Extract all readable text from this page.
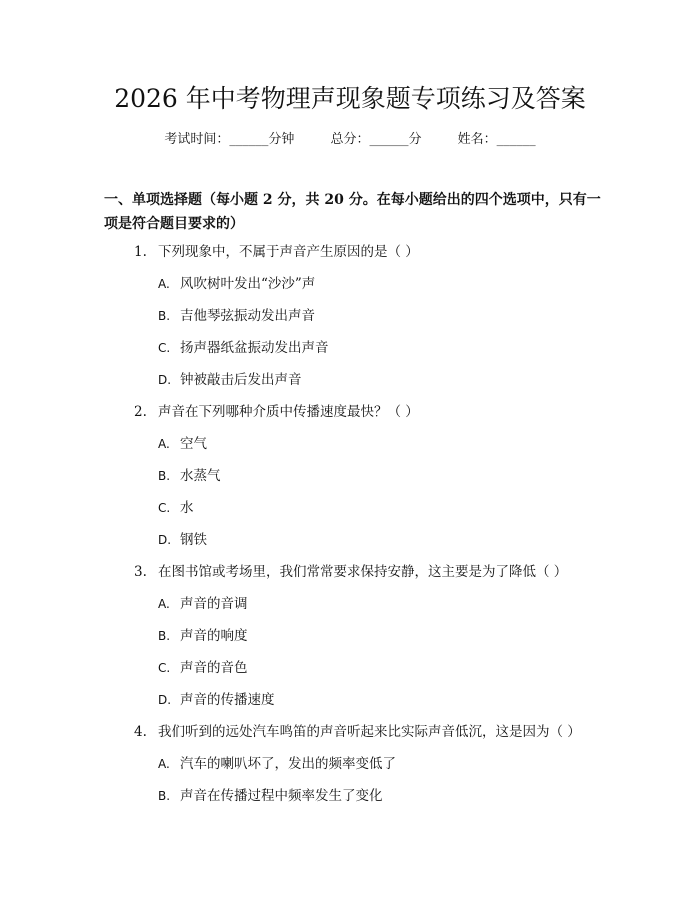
2026 年中考物理声现象题专项练习及答案
考试时间：______分钟	总分：______分	姓名：______
一、单项选择题（每小题 2 分，共 20 分。在每小题给出的四个选项中，只有一项是符合题目要求的）
1. 下列现象中，不属于声音产生原因的是（ ）
A. 风吹树叶发出“沙沙”声
B. 吉他琴弦振动发出声音
C. 扬声器纸盆振动发出声音
D. 钟被敲击后发出声音
2. 声音在下列哪种介质中传播速度最快？（ ）
A. 空气
B. 水蒸气
C. 水
D. 钢铁
3. 在图书馆或考场里，我们常常要求保持安静，这主要是为了降低（ ）
A. 声音的音调
B. 声音的响度
C. 声音的音色
D. 声音的传播速度
4. 我们听到的远处汽车鸣笛的声音听起来比实际声音低沉，这是因为（ ）
A. 汽车的喇叭坏了，发出的频率变低了
B. 声音在传播过程中频率发生了变化
